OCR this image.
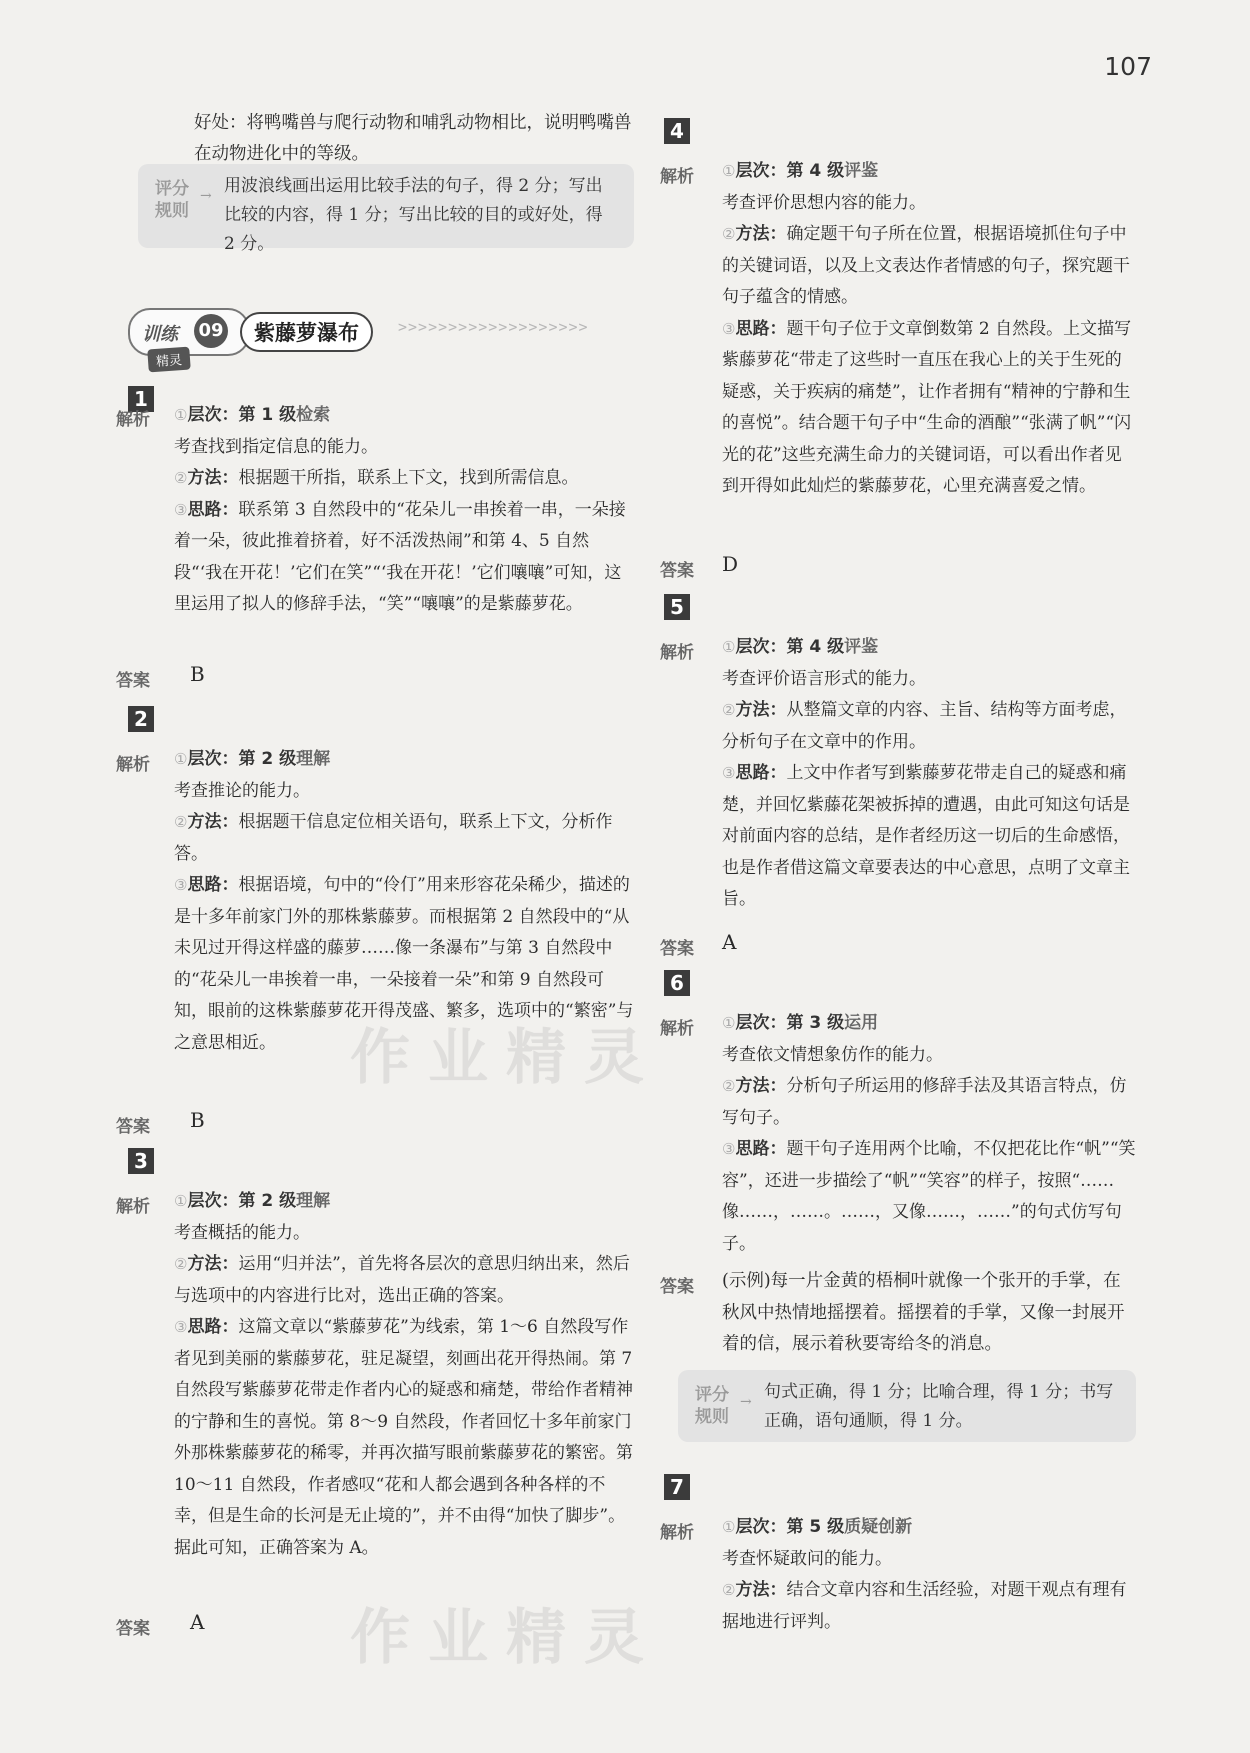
107
好处：将鸭嘴兽与爬行动物和哺乳动物相比，说明鸭嘴兽在动物进化中的等级。
评分规则
→ 用波浪线画出运用比较手法的句子，得 2 分；写出比较的内容，得 1 分；写出比较的目的或好处，得 2 分。
训练 09
精灵
紫藤萝瀑布	>>>>>>>>>>>>>>>>>>>
1
解析 ①层次：第 1 级检索

考查找到指定信息的能力。

②方法：根据题干所指，联系上下文，找到所需信息。

③思路：联系第 3 自然段中的“花朵儿一串挨着一串，一朵接着一朵，彼此推着挤着，好不活泼热闹”和第 4、5 自然段“‘我在开花！’它们在笑”“‘我在开花！’它们嚷嚷”可知，这里运用了拟人的修辞手法，“笑”“嚷嚷”的是紫藤萝花。

答案 B
2
解析 ①层次：第 2 级理解

考查推论的能力。

②方法：根据题干信息定位相关语句，联系上下文，分析作答。

③思路：根据语境，句中的“伶仃”用来形容花朵稀少，描述的是十多年前家门外的那株紫藤萝。而根据第 2 自然段中的“从未见过开得这样盛的藤萝……像一条瀑布”与第 3 自然段中的“花朵儿一串挨着一串，一朵接着一朵”和第 9 自然段可知，眼前的这株紫藤萝花开得茂盛、繁多，选项中的“繁密”与之意思相近。

答案 B
3
解析 ①层次：第 2 级理解

考查概括的能力。

②方法：运用“归并法”，首先将各层次的意思归纳出来，然后与选项中的内容进行比对，选出正确的答案。

③思路：这篇文章以“紫藤萝花”为线索，第 1～6 自然段写作者见到美丽的紫藤萝花，驻足凝望，刻画出花开得热闹。第 7 自然段写紫藤萝花带走作者内心的疑惑和痛楚，带给作者精神的宁静和生的喜悦。第 8～9 自然段，作者回忆十多年前家门外那株紫藤萝花的稀零，并再次描写眼前紫藤萝花的繁密。第 10～11 自然段，作者感叹“花和人都会遇到各种各样的不幸，但是生命的长河是无止境的”，并不由得“加快了脚步”。据此可知，正确答案为 A。

答案 A
4
解析 ①层次：第 4 级评鉴

考查评价思想内容的能力。

②方法：确定题干句子所在位置，根据语境抓住句子中的关键词语，以及上文表达作者情感的句子，探究题干句子蕴含的情感。

③思路：题干句子位于文章倒数第 2 自然段。上文描写紫藤萝花“带走了这些时一直压在我心上的关于生死的疑惑，关于疾病的痛楚”，让作者拥有“精神的宁静和生的喜悦”。结合题干句子中“生命的酒酿”“张满了帆”“闪光的花”这些充满生命力的关键词语，可以看出作者见到开得如此灿烂的紫藤萝花，心里充满喜爱之情。

答案 D
5
解析 ①层次：第 4 级评鉴

考查评价语言形式的能力。

②方法：从整篇文章的内容、主旨、结构等方面考虑，分析句子在文章中的作用。

③思路：上文中作者写到紫藤萝花带走自己的疑惑和痛楚，并回忆紫藤花架被拆掉的遭遇，由此可知这句话是对前面内容的总结，是作者经历这一切后的生命感悟，也是作者借这篇文章要表达的中心意思，点明了文章主旨。

答案 A
6
解析 ①层次：第 3 级运用

考查依文情想象仿作的能力。

②方法：分析句子所运用的修辞手法及其语言特点，仿写句子。

③思路：题干句子连用两个比喻，不仅把花比作“帆”“笑容”，还进一步描绘了“帆”“笑容”的样子，按照“……像……，……。……，又像……，……”的句式仿写句子。

答案 (示例)每一片金黄的梧桐叶就像一个张开的手掌，在秋风中热情地摇摆着。摇摆着的手掌，又像一封展开着的信，展示着秋要寄给冬的消息。
评分规则
→ 句式正确，得 1 分；比喻合理，得 1 分；书写正确，语句通顺，得 1 分。
7
解析 ①层次：第 5 级质疑创新

考查怀疑敢问的能力。

②方法：结合文章内容和生活经验，对题干观点有理有据地进行评判。

作业精灵
作业精灵
